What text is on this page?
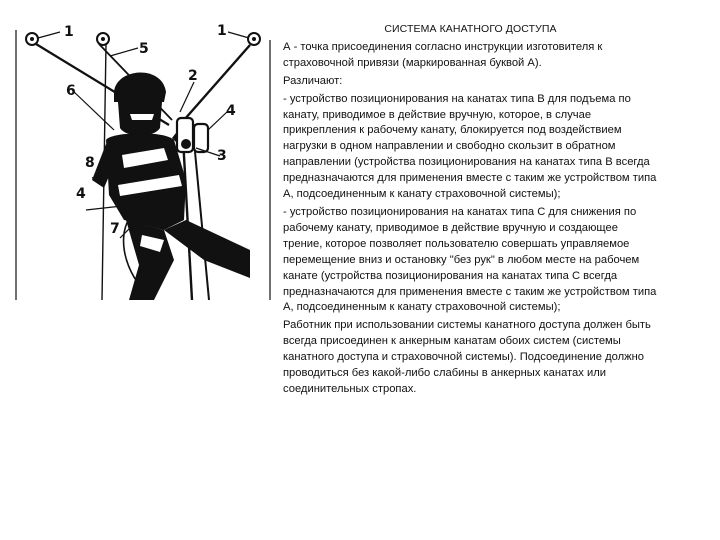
1	1
5
2
6
4
3
8
4
7
СИСТЕМА КАНАТНОГО ДОСТУПА

А - точка присоединения согласно инструкции изготовителя к страховочной привязи (маркированная буквой А).

Различают:

- устройство позиционирования на канатах типа В для подъема по канату, приводимое в действие вручную, которое, в случае прикрепления к рабочему канату, блокируется под воздействием нагрузки в одном направлении и свободно скользит в обратном направлении (устройства позиционирования на канатах типа В всегда предназначаются для применения вместе с таким же устройством типа А, подсоединенным к канату страховочной системы);

- устройство позиционирования на канатах типа С для снижения по рабочему канату, приводимое в действие вручную и создающее трение, которое позволяет пользователю совершать управляемое перемещение вниз и остановку "без рук" в любом месте на рабочем канате (устройства позиционирования на канатах типа С всегда предназначаются для применения вместе с таким же устройством типа А, подсоединенным к канату страховочной системы);

Работник при использовании системы канатного доступа должен быть всегда присоединен к анкерным канатам обоих систем (системы канатного доступа и страховочной системы). Подсоединение должно проводиться без какой-либо слабины в анкерных канатах или соединительных стропах.
